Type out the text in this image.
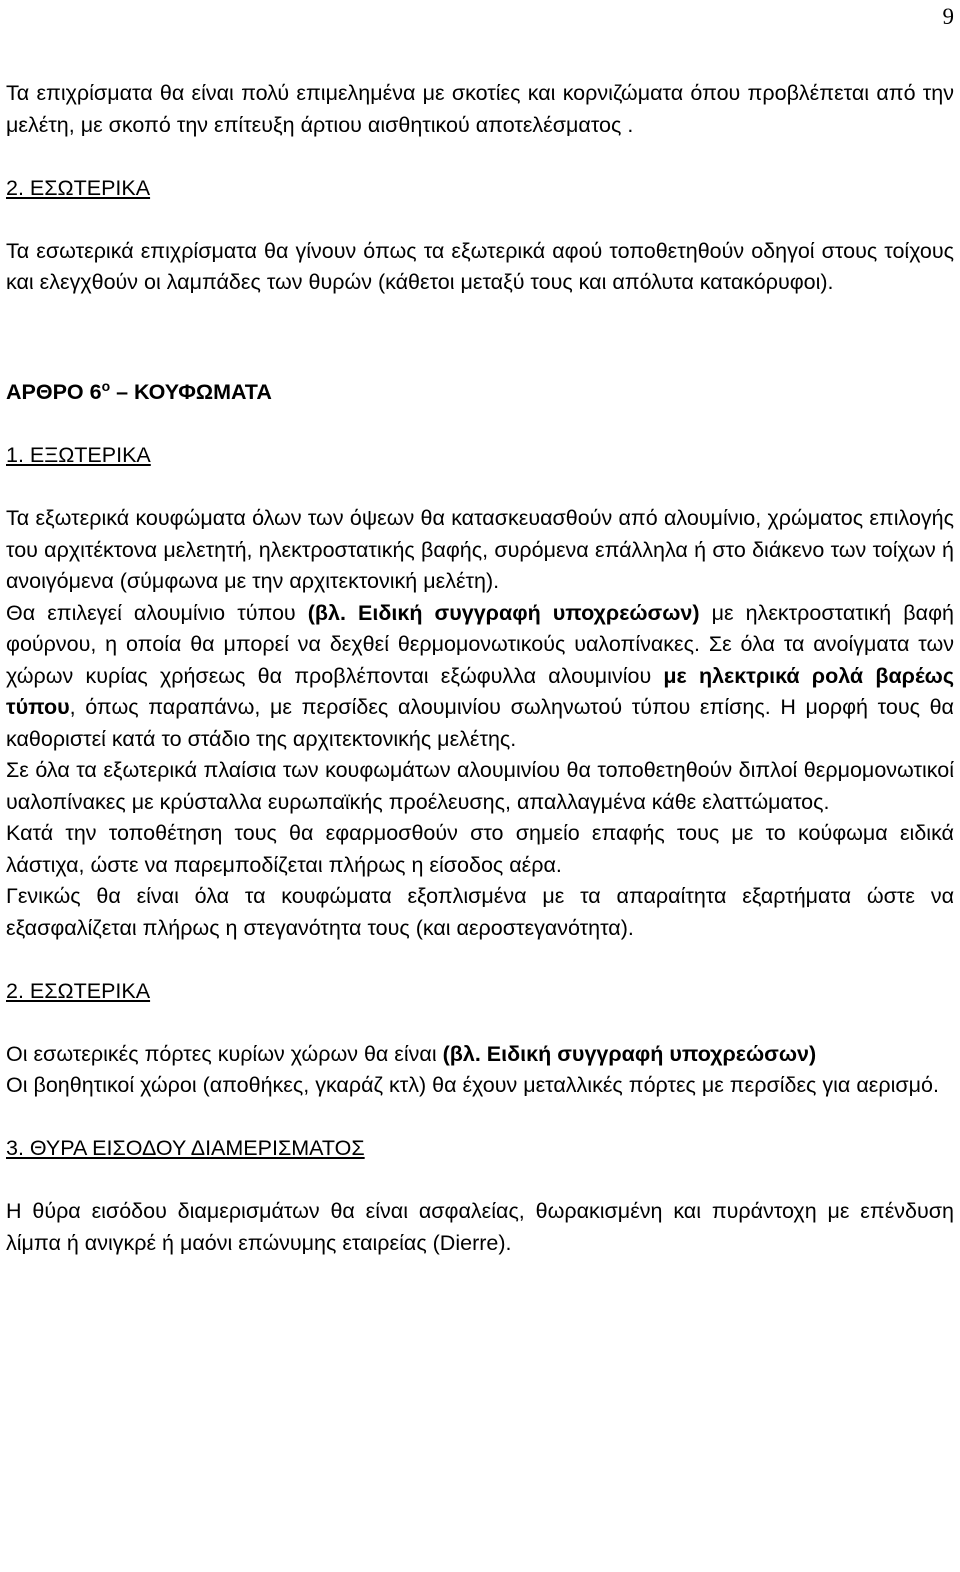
9

Τα επιχρίσματα θα είναι πολύ επιμελημένα με σκοτίες και κορνιζώματα όπου προβλέπεται από την μελέτη, με σκοπό την επίτευξη άρτιου αισθητικού αποτελέσματος .

2. ΕΣΩΤΕΡΙΚΑ

Τα εσωτερικά επιχρίσματα θα γίνουν όπως τα εξωτερικά αφού τοποθετηθούν οδηγοί στους τοίχους και ελεγχθούν οι λαμπάδες των θυρών (κάθετοι μεταξύ τους και απόλυτα κατακόρυφοι).

ΑΡΘΡΟ $6^o$ – ΚΟΥΦΩΜΑΤΑ
1. ΕΞΩΤΕΡΙΚΑ

Τα εξωτερικά κουφώματα όλων των όψεων θα κατασκευασθούν από αλουμίνιο, χρώματος επιλογής του αρχιτέκτονα μελετητή, ηλεκτροστατικής βαφής, συρόμενα επάλληλα ή στο διάκενο των τοίχων ή ανοιγόμενα (σύμφωνα με την αρχιτεκτονική μελέτη).

Θα επιλεγεί αλουμίνιο τύπου (βλ. Ειδική συγγραφή υποχρεώσων) με ηλεκτροστατική βαφή φούρνου, η οποία θα μπορεί να δεχθεί θερμομονωτικούς υαλοπίνακες. Σε όλα τα ανοίγματα των χώρων κυρίας χρήσεως θα προβλέπονται εξώφυλλα αλουμινίου με ηλεκτρικά ρολά βαρέως τύπου, όπως παραπάνω, με περσίδες αλουμινίου σωληνωτού τύπου επίσης. Η μορφή τους θα καθοριστεί κατά το στάδιο της αρχιτεκτονικής μελέτης.

Σε όλα τα εξωτερικά πλαίσια των κουφωμάτων αλουμινίου θα τοποθετηθούν διπλοί θερμομονωτικοί υαλοπίνακες με κρύσταλλα ευρωπαϊκής προέλευσης, απαλλαγμένα κάθε ελαττώματος.

Κατά την τοποθέτηση τους θα εφαρμοσθούν στο σημείο επαφής τους με το κούφωμα ειδικά λάστιχα, ώστε να παρεμποδίζεται πλήρως η είσοδος αέρα.

Γενικώς θα είναι όλα τα κουφώματα εξοπλισμένα με τα απαραίτητα εξαρτήματα ώστε να εξασφαλίζεται πλήρως η στεγανότητα τους (και αεροστεγανότητα).

2. ΕΣΩΤΕΡΙΚΑ

Οι εσωτερικές πόρτες κυρίων χώρων θα είναι (βλ. Ειδική συγγραφή υποχρεώσων)

Οι βοηθητικοί χώροι (αποθήκες, γκαράζ κτλ) θα έχουν μεταλλικές πόρτες με περσίδες για αερισμό.

3. ΘΥΡΑ ΕΙΣΟΔΟΥ ΔΙΑΜΕΡΙΣΜΑΤΟΣ

Η θύρα εισόδου διαμερισμάτων θα είναι ασφαλείας, θωρακισμένη και πυράντοχη με επένδυση λίμπα ή ανιγκρέ ή μαόνι επώνυμης εταιρείας (Dierre).
